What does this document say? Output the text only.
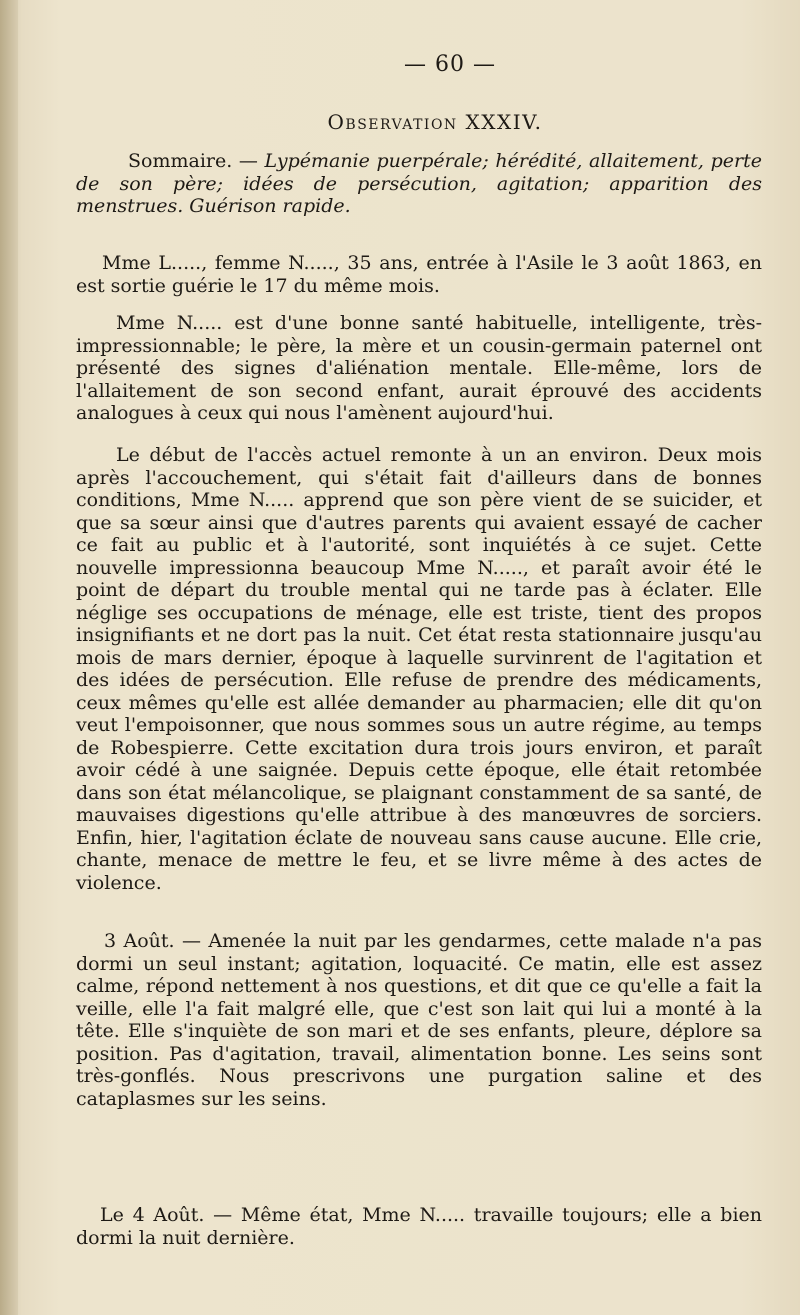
— 60 —
Observation XXXIV.

Sommaire. — Lypémanie puerpérale; hérédité, allaitement, perte de son père; idées de persécution, agitation; apparition des menstrues. Guérison rapide.

Mme L....., femme N....., 35 ans, entrée à l'Asile le 3 août 1863, en est sortie guérie le 17 du même mois.

Mme N..... est d'une bonne santé habituelle, intelligente, très-impressionnable; le père, la mère et un cousin-germain paternel ont présenté des signes d'aliénation mentale. Elle-même, lors de l'allaitement de son second enfant, aurait éprouvé des accidents analogues à ceux qui nous l'amènent aujourd'hui.

Le début de l'accès actuel remonte à un an environ. Deux mois après l'accouchement, qui s'était fait d'ailleurs dans de bonnes conditions, Mme N..... apprend que son père vient de se suicider, et que sa sœur ainsi que d'autres parents qui avaient essayé de cacher ce fait au public et à l'autorité, sont inquiétés à ce sujet. Cette nouvelle impressionna beaucoup Mme N....., et paraît avoir été le point de départ du trouble mental qui ne tarde pas à éclater. Elle néglige ses occupations de ménage, elle est triste, tient des propos insignifiants et ne dort pas la nuit. Cet état resta stationnaire jusqu'au mois de mars dernier, époque à laquelle survinrent de l'agitation et des idées de persécution. Elle refuse de prendre des médicaments, ceux mêmes qu'elle est allée demander au pharmacien; elle dit qu'on veut l'empoisonner, que nous sommes sous un autre régime, au temps de Robespierre. Cette excitation dura trois jours environ, et paraît avoir cédé à une saignée. Depuis cette époque, elle était retombée dans son état mélancolique, se plaignant constamment de sa santé, de mauvaises digestions qu'elle attribue à des manœuvres de sorciers. Enfin, hier, l'agitation éclate de nouveau sans cause aucune. Elle crie, chante, menace de mettre le feu, et se livre même à des actes de violence.

3 Août. — Amenée la nuit par les gendarmes, cette malade n'a pas dormi un seul instant; agitation, loquacité. Ce matin, elle est assez calme, répond nettement à nos questions, et dit que ce qu'elle a fait la veille, elle l'a fait malgré elle, que c'est son lait qui lui a monté à la tête. Elle s'inquiète de son mari et de ses enfants, pleure, déplore sa position. Pas d'agitation, travail, alimentation bonne. Les seins sont très-gonflés. Nous prescrivons une purgation saline et des cataplasmes sur les seins.

Le 4 Août. — Même état, Mme N..... travaille toujours; elle a bien dormi la nuit dernière.
